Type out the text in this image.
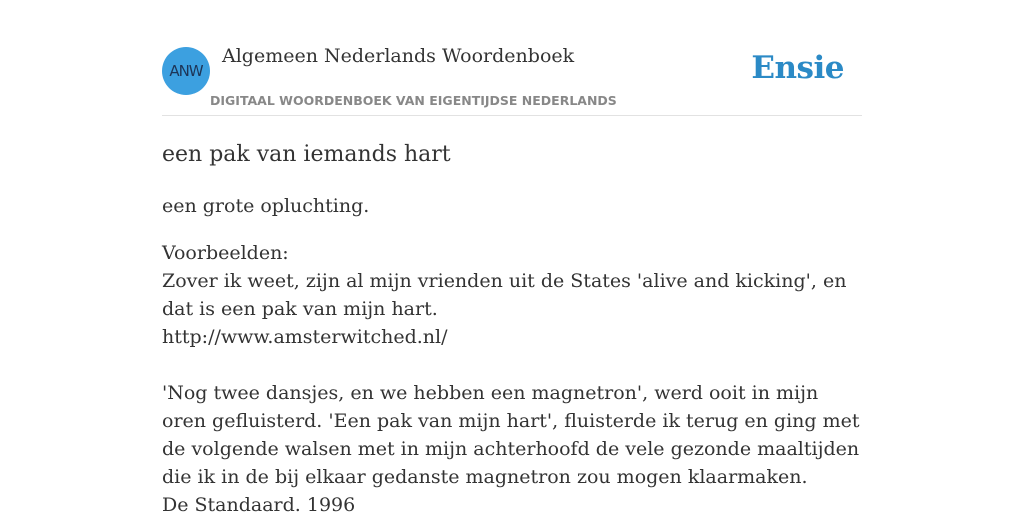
ANW
Algemeen Nederlands Woordenboek
DIGITAAL WOORDENBOEK VAN EIGENTIJDSE NEDERLANDS
Ensie
een pak van iemands hart
een grote opluchting.
Voorbeelden:
Zover ik weet, zijn al mijn vrienden uit de States 'alive and kicking', en dat is een pak van mijn hart.
http://www.amsterwitched.nl/
'Nog twee dansjes, en we hebben een magnetron', werd ooit in mijn oren gefluisterd. 'Een pak van mijn hart', fluisterde ik terug en ging met de volgende walsen met in mijn achterhoofd de vele gezonde maaltijden die ik in de bij elkaar gedanste magnetron zou mogen klaarmaken.
De Standaard. 1996
